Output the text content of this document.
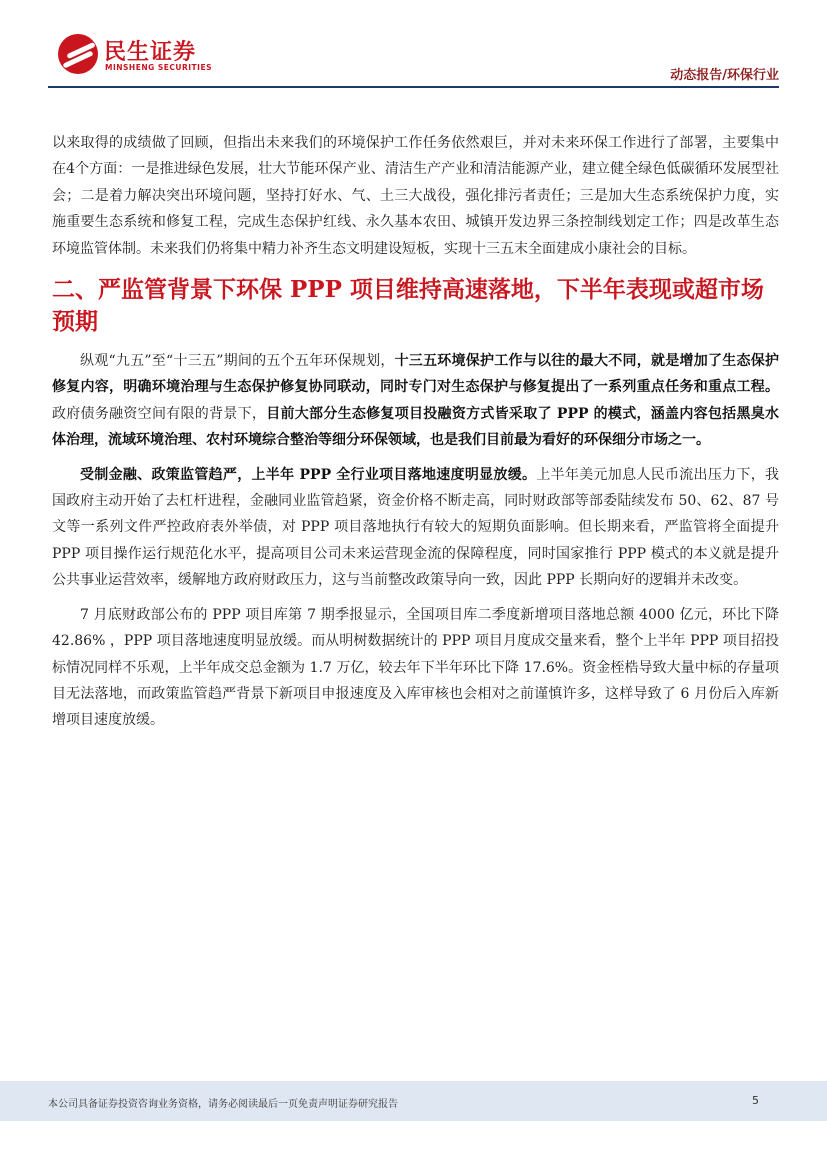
民生证券
MINSHENG SECURITIES
动态报告/环保行业

以来取得的成绩做了回顾，但指出未来我们的环境保护工作任务依然艰巨，并对未来环保工作进行了部署，主要集中在4个方面：一是推进绿色发展，壮大节能环保产业、清洁生产产业和清洁能源产业，建立健全绿色低碳循环发展型社会；二是着力解决突出环境问题，坚持打好水、气、土三大战役，强化排污者责任；三是加大生态系统保护力度，实施重要生态系统和修复工程，完成生态保护红线、永久基本农田、城镇开发边界三条控制线划定工作；四是改革生态环境监管体制。未来我们仍将集中精力补齐生态文明建设短板，实现十三五末全面建成小康社会的目标。

二、严监管背景下环保 PPP 项目维持高速落地，下半年表现或超市场预期

纵观“九五”至“十三五”期间的五个五年环保规划，十三五环境保护工作与以往的最大不同，就是增加了生态保护修复内容，明确环境治理与生态保护修复协同联动，同时专门对生态保护与修复提出了一系列重点任务和重点工程。政府债务融资空间有限的背景下，目前大部分生态修复项目投融资方式皆采取了 PPP 的模式，涵盖内容包括黑臭水体治理，流域环境治理、农村环境综合整治等细分环保领域，也是我们目前最为看好的环保细分市场之一。

受制金融、政策监管趋严，上半年 PPP 全行业项目落地速度明显放缓。上半年美元加息人民币流出压力下，我国政府主动开始了去杠杆进程，金融同业监管趋紧，资金价格不断走高，同时财政部等部委陆续发布 50、62、87 号文等一系列文件严控政府表外举债，对 PPP 项目落地执行有较大的短期负面影响。但长期来看，严监管将全面提升 PPP 项目操作运行规范化水平，提高项目公司未来运营现金流的保障程度，同时国家推行 PPP 模式的本义就是提升公共事业运营效率，缓解地方政府财政压力，这与当前整改政策导向一致，因此 PPP 长期向好的逻辑并未改变。

7 月底财政部公布的 PPP 项目库第 7 期季报显示，全国项目库二季度新增项目落地总额 4000 亿元，环比下降 42.86% ，PPP 项目落地速度明显放缓。而从明树数据统计的 PPP 项目月度成交量来看，整个上半年 PPP 项目招投标情况同样不乐观，上半年成交总金额为 1.7 万亿，较去年下半年环比下降 17.6%。资金桎梏导致大量中标的存量项目无法落地，而政策监管趋严背景下新项目申报速度及入库审核也会相对之前谨慎许多，这样导致了 6 月份后入库新增项目速度放缓。

本公司具备证券投资咨询业务资格，请务必阅读最后一页免责声明证券研究报告	5
